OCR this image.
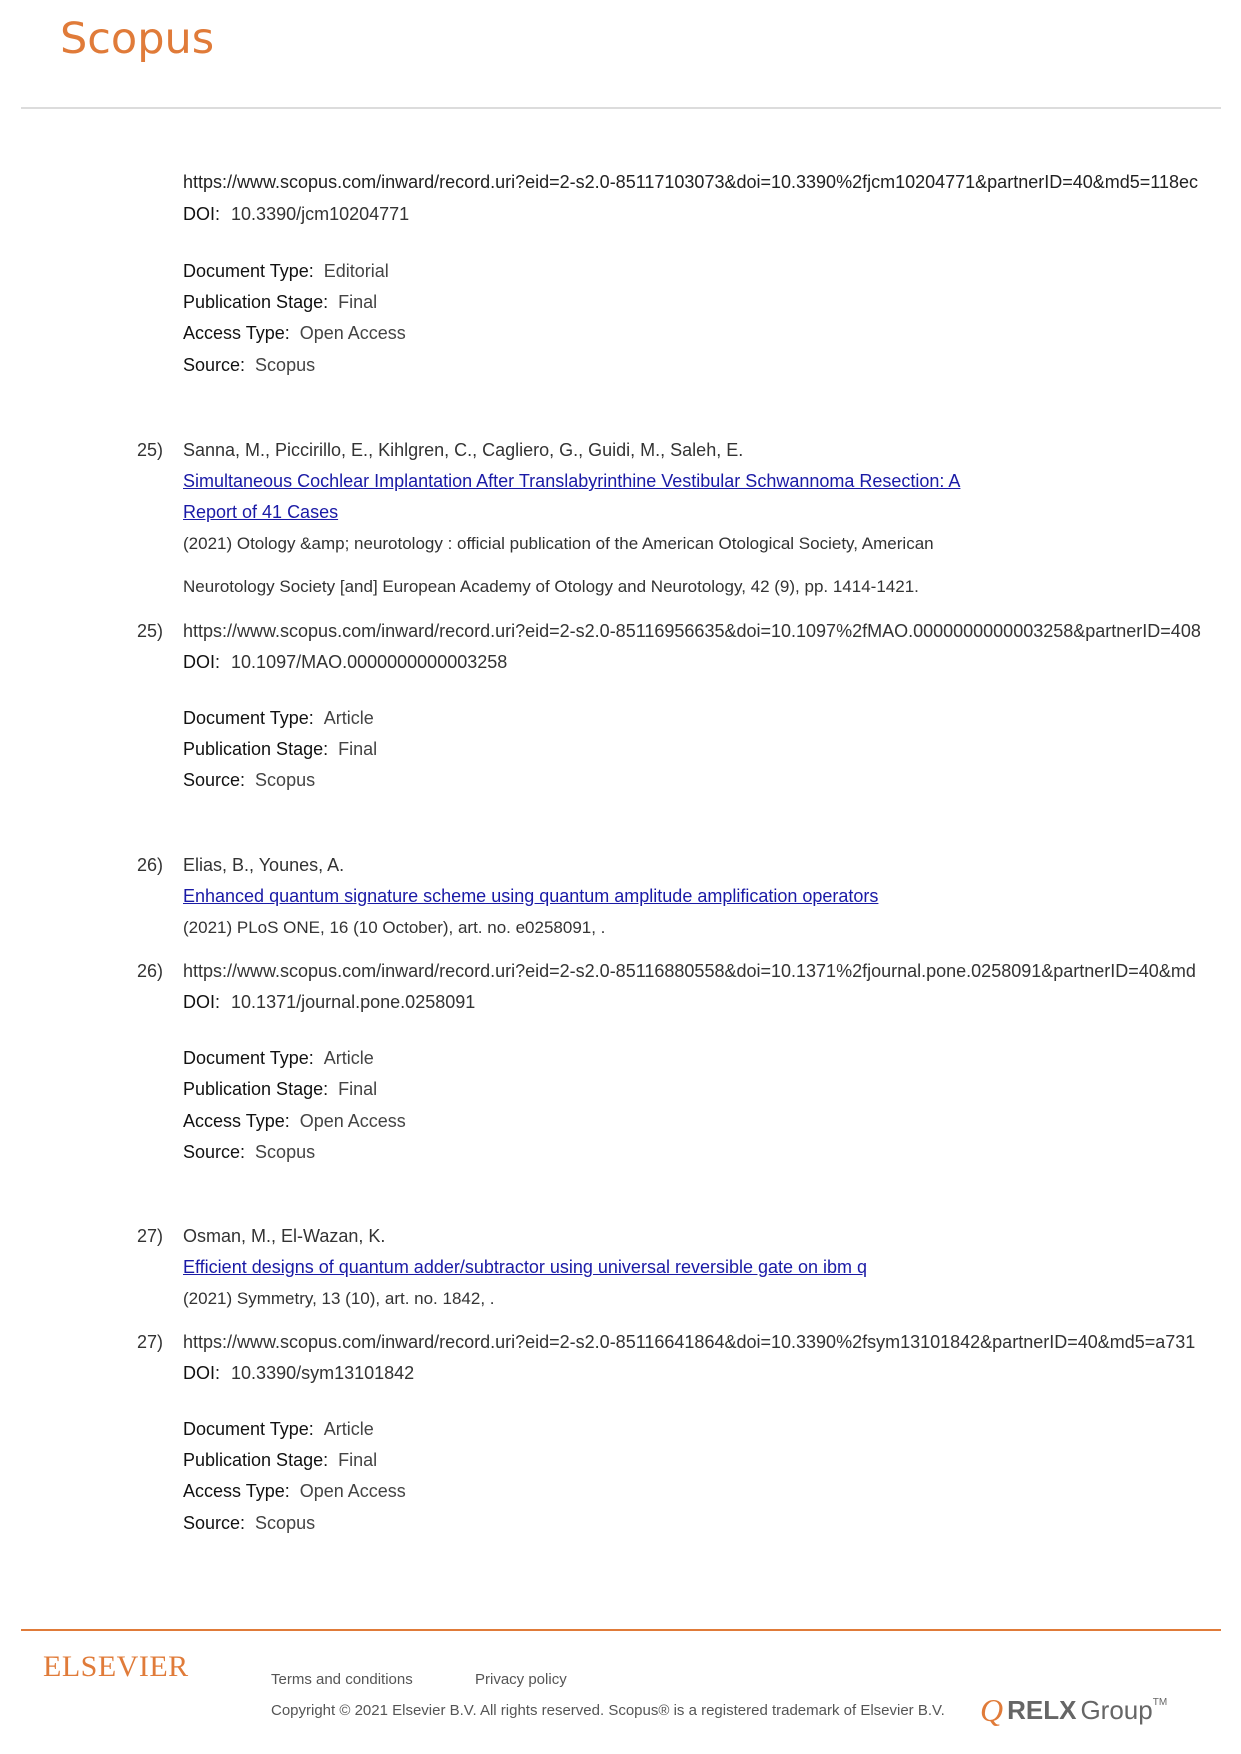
Scopus
https://www.scopus.com/inward/record.uri?eid=2-s2.0-85117103073&doi=10.3390%2fjcm10204771&partnerID=40&md5=118ec
DOI: 10.3390/jcm10204771
Document Type: Editorial
Publication Stage: Final
Access Type: Open Access
Source: Scopus
25) Sanna, M., Piccirillo, E., Kihlgren, C., Cagliero, G., Guidi, M., Saleh, E.
Simultaneous Cochlear Implantation After Translabyrinthine Vestibular Schwannoma Resection: A
Report of 41 Cases
(2021) Otology &amp; neurotology : official publication of the American Otological Society, American
Neurotology Society [and] European Academy of Otology and Neurotology, 42 (9), pp. 1414-1421.
25) https://www.scopus.com/inward/record.uri?eid=2-s2.0-85116956635&doi=10.1097%2fMAO.0000000000003258&partnerID=408
DOI: 10.1097/MAO.0000000000003258
Document Type: Article
Publication Stage: Final
Source: Scopus
26) Elias, B., Younes, A.
Enhanced quantum signature scheme using quantum amplitude amplification operators
(2021) PLoS ONE, 16 (10 October), art. no. e0258091, .
26) https://www.scopus.com/inward/record.uri?eid=2-s2.0-85116880558&doi=10.1371%2fjournal.pone.0258091&partnerID=40&md
DOI: 10.1371/journal.pone.0258091
Document Type: Article
Publication Stage: Final
Access Type: Open Access
Source: Scopus
27) Osman, M., El-Wazan, K.
Efficient designs of quantum adder/subtractor using universal reversible gate on ibm q
(2021) Symmetry, 13 (10), art. no. 1842, .
27) https://www.scopus.com/inward/record.uri?eid=2-s2.0-85116641864&doi=10.3390%2fsym13101842&partnerID=40&md5=a731
DOI: 10.3390/sym13101842
Document Type: Article
Publication Stage: Final
Access Type: Open Access
Source: Scopus
ELSEVIER	Terms and conditions	Privacy policy
Copyright © 2021 Elsevier B.V. All rights reserved. Scopus® is a registered trademark of Elsevier B.V. Q RELX Group TM
